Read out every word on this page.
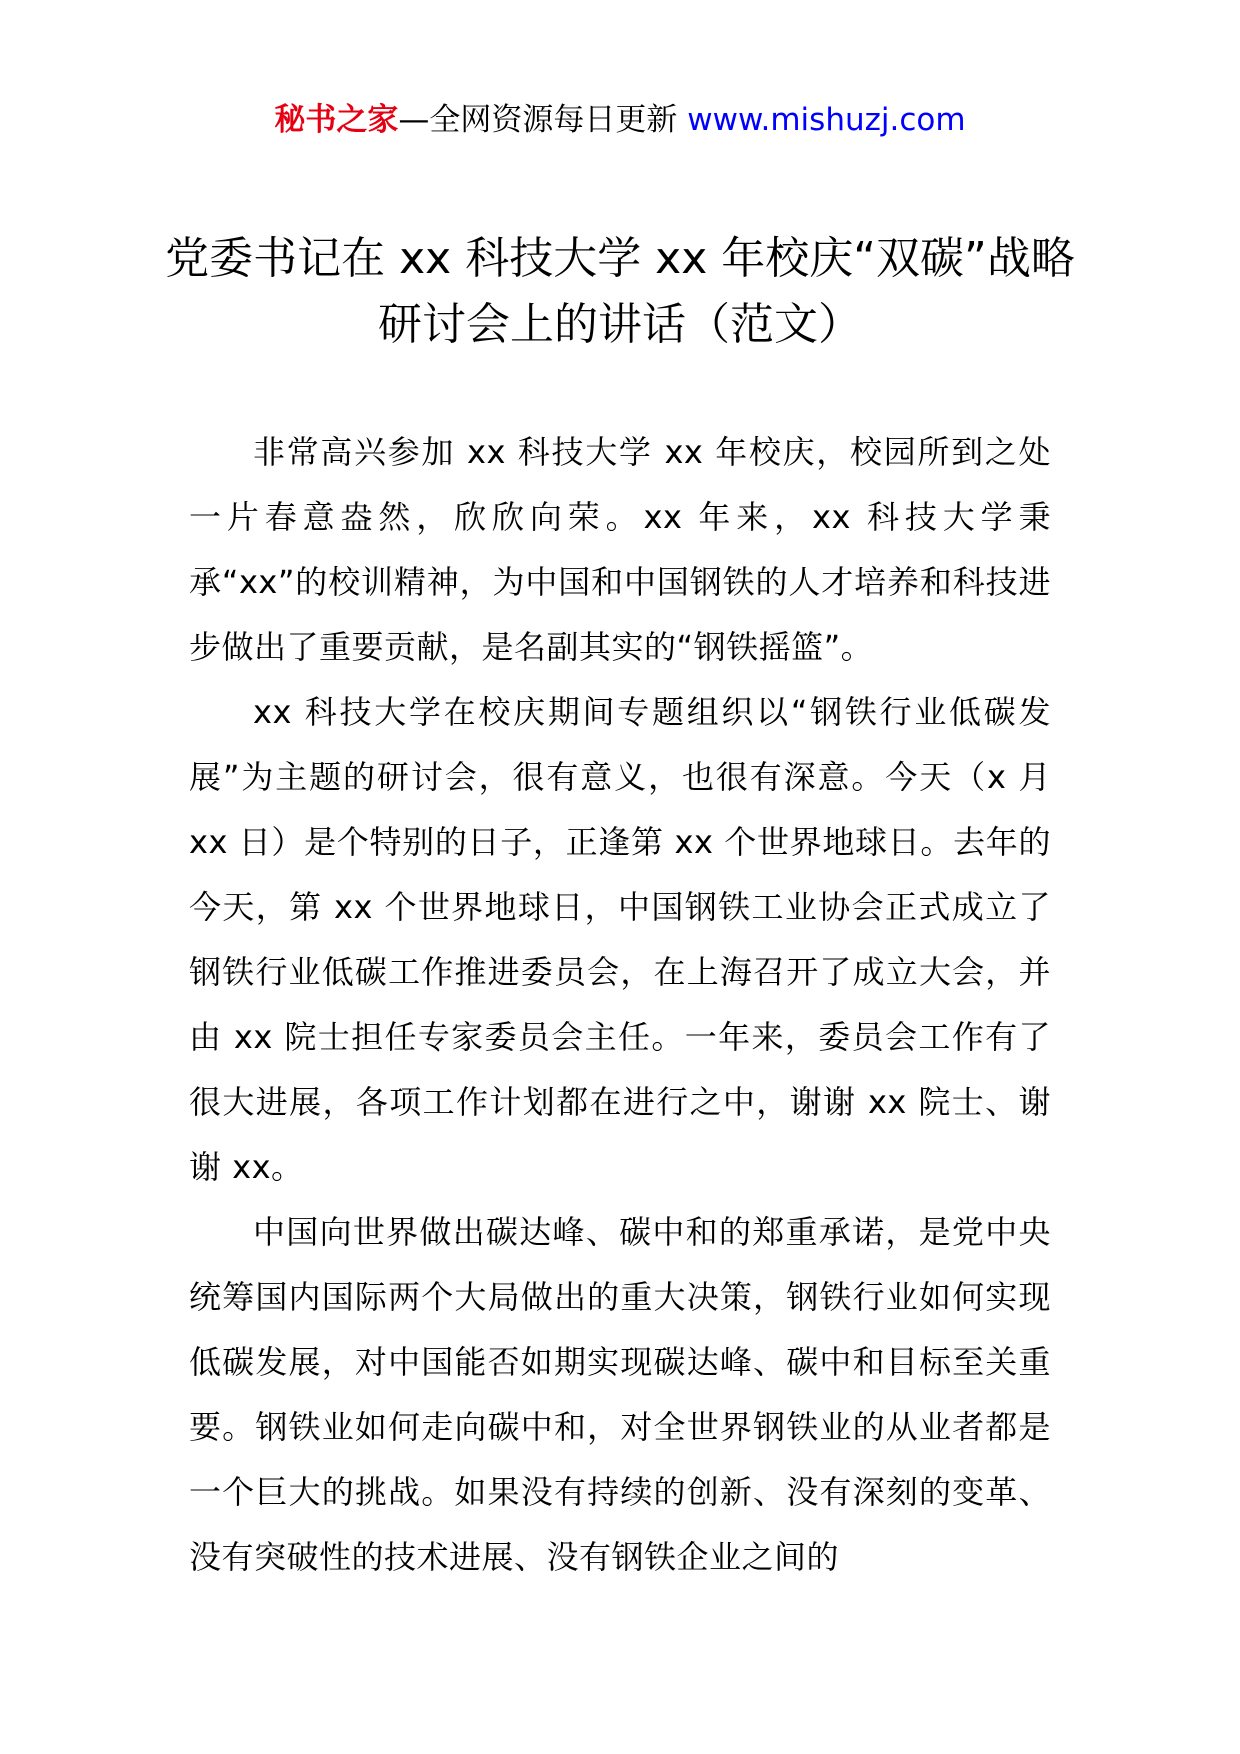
秘书之家—全网资源每日更新 www.mishuzj.com
党委书记在 xx 科技大学 xx 年校庆“双碳”战略研讨会上的讲话（范文）

非常高兴参加 xx 科技大学 xx 年校庆，校园所到之处一片春意盎然，欣欣向荣。xx 年来，xx 科技大学秉承“xx”的校训精神，为中国和中国钢铁的人才培养和科技进步做出了重要贡献，是名副其实的“钢铁摇篮”。

xx 科技大学在校庆期间专题组织以“钢铁行业低碳发展”为主题的研讨会，很有意义，也很有深意。今天（x 月 xx 日）是个特别的日子，正逢第 xx 个世界地球日。去年的今天，第 xx 个世界地球日，中国钢铁工业协会正式成立了钢铁行业低碳工作推进委员会，在上海召开了成立大会，并由 xx 院士担任专家委员会主任。一年来，委员会工作有了很大进展，各项工作计划都在进行之中，谢谢 xx 院士、谢谢 xx。

中国向世界做出碳达峰、碳中和的郑重承诺，是党中央统筹国内国际两个大局做出的重大决策，钢铁行业如何实现低碳发展，对中国能否如期实现碳达峰、碳中和目标至关重要。钢铁业如何走向碳中和，对全世界钢铁业的从业者都是一个巨大的挑战。如果没有持续的创新、没有深刻的变革、没有突破性的技术进展、没有钢铁企业之间的
